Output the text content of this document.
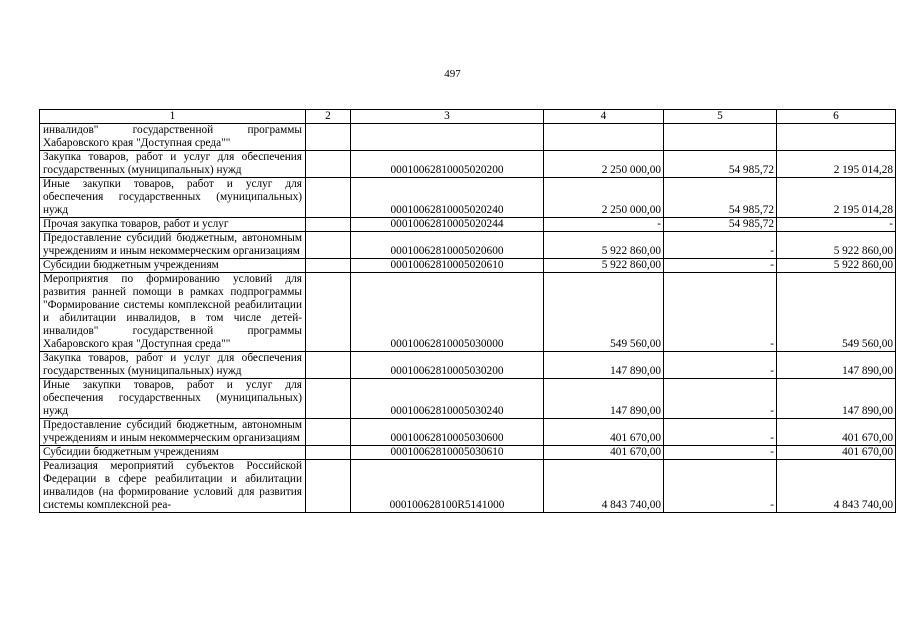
497
1	2	3	4	5	6
инвалидов" государственной программы Хабаровского края "Доступная среда""					
Закупка товаров, работ и услуг для обеспечения государственных (муниципальных) нужд		00010062810005020200	2 250 000,00	54 985,72	2 195 014,28
Иные закупки товаров, работ и услуг для обеспечения государственных (муниципальных) нужд		00010062810005020240	2 250 000,00	54 985,72	2 195 014,28
Прочая закупка товаров, работ и услуг		00010062810005020244	-	54 985,72	-
Предоставление субсидий бюджетным, автономным учреждениям и иным некоммерческим организациям		00010062810005020600	5 922 860,00	-	5 922 860,00
Субсидии бюджетным учреждениям		00010062810005020610	5 922 860,00	-	5 922 860,00
Мероприятия по формированию условий для развития ранней помощи в рамках подпрограммы "Формирование системы комплексной реабилитации и абилитации инвалидов, в том числе детей-инвалидов" государственной программы Хабаровского края "Доступная среда""		00010062810005030000	549 560,00	-	549 560,00
Закупка товаров, работ и услуг для обеспечения государственных (муниципальных) нужд		00010062810005030200	147 890,00	-	147 890,00
Иные закупки товаров, работ и услуг для обеспечения государственных (муниципальных) нужд		00010062810005030240	147 890,00	-	147 890,00
Предоставление субсидий бюджетным, автономным учреждениям и иным некоммерческим организациям		00010062810005030600	401 670,00	-	401 670,00
Субсидии бюджетным учреждениям		00010062810005030610	401 670,00	-	401 670,00
Реализация мероприятий субъектов Российской Федерации в сфере реабилитации и абилитации инвалидов (на формирование условий для развития системы комплексной реа-		000100628100R5141000	4 843 740,00	-	4 843 740,00
